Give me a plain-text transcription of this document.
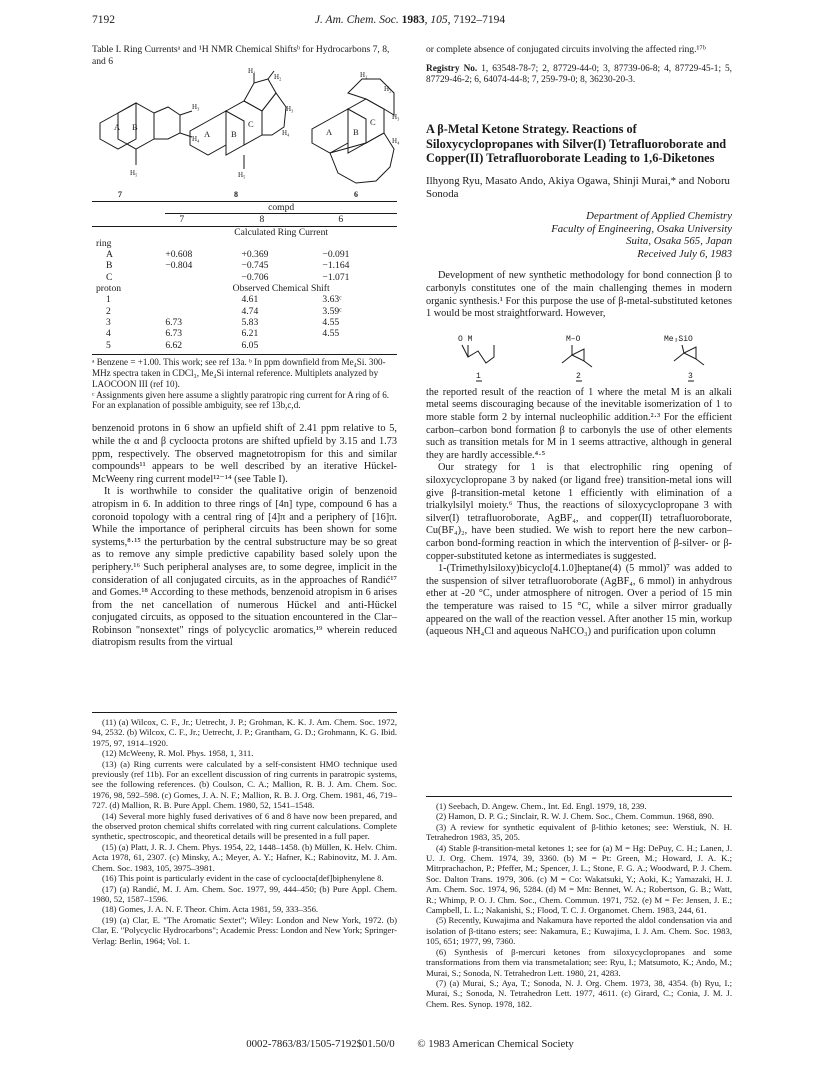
7192	J. Am. Chem. Soc. 1983, 105, 7192–7194
Table I. Ring Currentsᵃ and ¹H NMR Chemical Shiftsᵇ for Hydrocarbons 7, 8, and 6
A B
A B
C
A B
C
H₃
H₄
H₅
H₁
H₂
H₃
H₄
H₅
H₁
H₂
H₃
H₄
7	8	6
	compd		

	7	8	6

	Calculated Ring Current		
ring			
A	+0.608	+0.369	−0.091
B	−0.804	−0.745	−1.164
C		−0.706	−1.071
proton	Observed Chemical Shift		
1		4.61	3.63ᶜ
2		4.74	3.59ᶜ
3	6.73	5.83	4.55
4	6.73	6.21	4.55
5	6.62	6.05	
ᵃ Benzene = +1.00. This work; see ref 13a. ᵇ In ppm downfield from Me₄Si. 300-MHz spectra taken in CDCl₃, Me₄Si internal reference. Multiplets analyzed by LAOCOON III (ref 10).
ᶜ Assignments given here assume a slightly paratropic ring current for A ring of 6. For an explanation of possible ambiguity, see ref 13b,c,d.

benzenoid protons in 6 show an upfield shift of 2.41 ppm relative to 5, while the α and β cycloocta protons are shifted upfield by 3.15 and 1.73 ppm, respectively. The observed magnetotropism for this and similar compounds¹¹ appears to be well described by an iterative Hückel-McWeeny ring current model¹²⁻¹⁴ (see Table I).

It is worthwhile to consider the qualitative origin of benzenoid atropism in 6. In addition to three rings of [4n] type, compound 6 has a coronoid topology with a central ring of [4]π and a periphery of [16]π. While the importance of peripheral circuits has been shown for some systems,⁸·¹⁵ the perturbation by the central substructure may be so great as to remove any simple predictive capability based solely upon the periphery.¹⁶ Such peripheral analyses are, to some degree, implicit in the consideration of all conjugated circuits, as in the approaches of Randić¹⁷ and Gomes.¹⁸ According to these methods, benzenoid atropism in 6 arises from the net cancellation of numerous Hückel and anti-Hückel conjugated circuits, as opposed to the situation encountered in the Clar–Robinson "nonsextet" rings of polycyclic aromatics,¹⁹ wherein reduced diatropism results from the virtual

(11) (a) Wilcox, C. F., Jr.; Uetrecht, J. P.; Grohman, K. K. J. Am. Chem. Soc. 1972, 94, 2532. (b) Wilcox, C. F., Jr.; Uetrecht, J. P.; Grantham, G. D.; Grohmann, K. G. Ibid. 1975, 97, 1914–1920.

(12) McWeeny, R. Mol. Phys. 1958, 1, 311.

(13) (a) Ring currents were calculated by a self-consistent HMO technique used previously (ref 11b). For an excellent discussion of ring currents in paratropic systems, see the following references. (b) Coulson, C. A.; Mallion, R. B. J. Am. Chem. Soc. 1976, 98, 592–598. (c) Gomes, J. A. N. F.; Mallion, R. B. J. Org. Chem. 1981, 46, 719–727. (d) Mallion, R. B. Pure Appl. Chem. 1980, 52, 1541–1548.

(14) Several more highly fused derivatives of 6 and 8 have now been prepared, and the observed proton chemical shifts correlated with ring current calculations. Complete synthetic, spectroscopic, and theoretical details will be presented in a full paper.

(15) (a) Platt, J. R. J. Chem. Phys. 1954, 22, 1448–1458. (b) Müllen, K. Helv. Chim. Acta 1978, 61, 2307. (c) Minsky, A.; Meyer, A. Y.; Hafner, K.; Rabinovitz, M. J. Am. Chem. Soc. 1983, 105, 3975–3981.

(16) This point is particularly evident in the case of cycloocta[def]biphenylene 8.

(17) (a) Randić, M. J. Am. Chem. Soc. 1977, 99, 444–450; (b) Pure Appl. Chem. 1980, 52, 1587–1596.

(18) Gomes, J. A. N. F. Theor. Chim. Acta 1981, 59, 333–356.

(19) (a) Clar, E. "The Aromatic Sextet"; Wiley: London and New York, 1972. (b) Clar, E. "Polycyclic Hydrocarbons"; Academic Press: London and New York; Springer-Verlag: Berlin, 1964; Vol. 1.

or complete absence of conjugated circuits involving the affected ring.¹⁷ᵇ

Registry No. 1, 63548-78-7; 2, 87729-44-0; 3, 87739-06-8; 4, 87729-45-1; 5, 87729-46-2; 6, 64074-44-8; 7, 259-79-0; 8, 36230-20-3.

A β-Metal Ketone Strategy. Reactions of Siloxycyclopropanes with Silver(I) Tetrafluoroborate and Copper(II) Tetrafluoroborate Leading to 1,6-Diketones
Ilhyong Ryu, Masato Ando, Akiya Ogawa, Shinji Murai,* and Noboru Sonoda
Department of Applied Chemistry
Faculty of Engineering, Osaka University
Suita, Osaka 565, Japan
Received July 6, 1983

Development of new synthetic methodology for bond connection β to carbonyls constitutes one of the main challenging themes in modern organic synthesis.¹ For this purpose the use of β-metal-substituted ketones 1 would be most straightforward. However,

O M	M–O	Me₃SiO
1	2	3

the reported result of the reaction of 1 where the metal M is an alkali metal seems discouraging because of the inevitable isomerization of 1 to more stable form 2 by internal nucleophilic addition.²·³ For the efficient carbon–carbon bond formation β to carbonyls the use of other elements such as transition metals for M in 1 seems attractive, although in general they are hardly accessible.⁴·⁵

Our strategy for 1 is that electrophilic ring opening of siloxycyclopropane 3 by naked (or ligand free) transition-metal ions will give β-transition-metal ketone 1 efficiently with elimination of a trialkylsilyl moiety.⁶ Thus, the reactions of siloxycyclopropane 3 with silver(I) tetrafluoroborate, AgBF₄, and copper(II) tetrafluoroborate, Cu(BF₄)₂, have been studied. We wish to report here the new carbon–carbon bond-forming reaction in which the intervention of β-silver- or β-copper-substituted ketone as intermediates is suggested.

1-(Trimethylsiloxy)bicyclo[4.1.0]heptane(4) (5 mmol)⁷ was added to the suspension of silver tetrafluoroborate (AgBF₄, 6 mmol) in anhydrous ether at -20 °C, under atmosphere of nitrogen. Over a period of 15 min the temperature was raised to 15 °C, while a silver mirror gradually appeared on the wall of the reaction vessel. After another 15 min, workup (aqueous NH₄Cl and aqueous NaHCO₃) and purification upon column

(1) Seebach, D. Angew. Chem., Int. Ed. Engl. 1979, 18, 239.

(2) Hamon, D. P. G.; Sinclair, R. W. J. Chem. Soc., Chem. Commun. 1968, 890.

(3) A review for synthetic equivalent of β-lithio ketones; see: Werstiuk, N. H. Tetrahedron 1983, 35, 205.

(4) Stable β-transition-metal ketones 1; see for (a) M = Hg: DePuy, C. H.; Lanen, J. U. J. Org. Chem. 1974, 39, 3360. (b) M = Pt: Green, M.; Howard, J. A. K.; Mitrprachachon, P.; Pfeffer, M.; Spencer, J. L.; Stone, F. G. A.; Woodward, P. J. Chem. Soc. Dalton Trans. 1979, 306. (c) M = Co: Wakatsuki, Y.; Aoki, K.; Yamazaki, H. J. Am. Chem. Soc. 1974, 96, 5284. (d) M = Mn: Bennet, W. A.; Robertson, G. B.; Watt, R.; Whimp, P. O. J. Chm. Soc., Chem. Commun. 1971, 752. (e) M = Fe: Jensen, J. E.; Campbell, L. L.; Nakanishi, S.; Flood, T. C. J. Organomet. Chem. 1983, 244, 61.

(5) Recently, Kuwajima and Nakamura have reported the aldol condensation via and isolation of β-titano esters; see: Nakamura, E.; Kuwajima, I. J. Am. Chem. Soc. 1983, 105, 651; 1977, 99, 7360.

(6) Synthesis of β-mercuri ketones from siloxycyclopropanes and some transformations from them via transmetalation; see: Ryu, I.; Matsumoto, K.; Ando, M.; Murai, S.; Sonoda, N. Tetrahedron Lett. 1980, 21, 4283.

(7) (a) Murai, S.; Aya, T.; Sonoda, N. J. Org. Chem. 1973, 38, 4354. (b) Ryu, I.; Murai, S.; Sonoda, N. Tetrahedron Lett. 1977, 4611. (c) Girard, C.; Conia, J. M. J. Chem. Res. Synop. 1978, 182.

0002-7863/83/1505-7192$01.50/0 © 1983 American Chemical Society
